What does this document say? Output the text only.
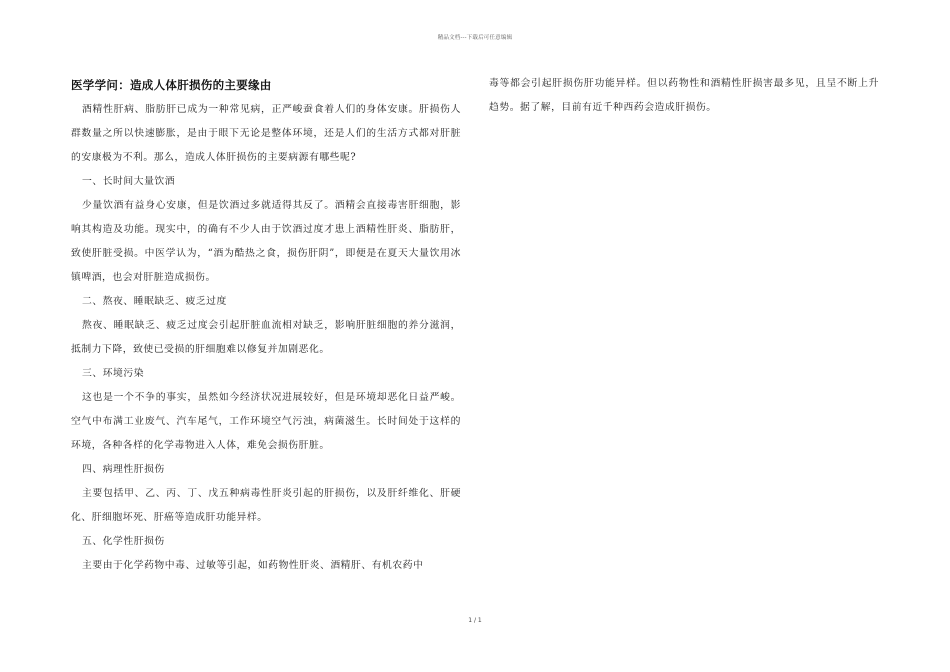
精品文档---下载后可任意编辑
医学学问：造成人体肝损伤的主要缘由

酒精性肝病、脂肪肝已成为一种常见病，正严峻蚕食着人们的身体安康。肝损伤人群数量之所以快速膨胀，是由于眼下无论是整体环境，还是人们的生活方式都对肝脏的安康极为不利。那么，造成人体肝损伤的主要病源有哪些呢?

一、长时间大量饮酒

少量饮酒有益身心安康，但是饮酒过多就适得其反了。酒精会直接毒害肝细胞，影响其构造及功能。现实中，的确有不少人由于饮酒过度才患上酒精性肝炎、脂肪肝，致使肝脏受损。中医学认为，“酒为酷热之食，损伤肝阴”，即便是在夏天大量饮用冰镇啤酒，也会对肝脏造成损伤。

二、熬夜、睡眠缺乏、疲乏过度

熬夜、睡眠缺乏、疲乏过度会引起肝脏血流相对缺乏，影响肝脏细胞的养分滋润，抵制力下降，致使已受损的肝细胞难以修复并加剧恶化。

三、环境污染

这也是一个不争的事实，虽然如今经济状况进展较好，但是环境却恶化日益严峻。空气中布满工业废气、汽车尾气，工作环境空气污浊，病菌滋生。长时间处于这样的环境，各种各样的化学毒物进入人体，难免会损伤肝脏。

四、病理性肝损伤

主要包括甲、乙、丙、丁、戊五种病毒性肝炎引起的肝损伤，以及肝纤维化、肝硬化、肝细胞坏死、肝癌等造成肝功能异样。

五、化学性肝损伤

主要由于化学药物中毒、过敏等引起，如药物性肝炎、酒精肝、有机农药中

毒等都会引起肝损伤肝功能异样。但以药物性和酒精性肝损害最多见，且呈不断上升趋势。据了解，目前有近千种西药会造成肝损伤。

1 / 1
